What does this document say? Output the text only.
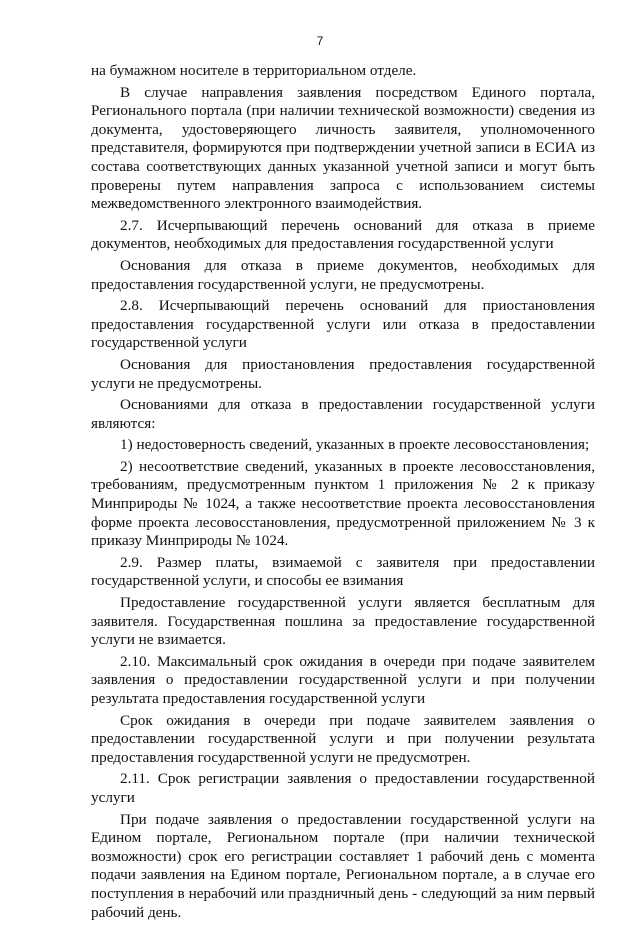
7

на бумажном носителе в территориальном отделе.

В случае направления заявления посредством Единого портала, Регионального портала (при наличии технической возможности) сведения из документа, удостоверяющего личность заявителя, уполномоченного представителя, формируются при подтверждении учетной записи в ЕСИА из состава соответствующих данных указанной учетной записи и могут быть проверены путем направления запроса с использованием системы межведомственного электронного взаимодействия.

2.7. Исчерпывающий перечень оснований для отказа в приеме документов, необходимых для предоставления государственной услуги

Основания для отказа в приеме документов, необходимых для предоставления государственной услуги, не предусмотрены.

2.8. Исчерпывающий перечень оснований для приостановления предоставления государственной услуги или отказа в предоставлении государственной услуги

Основания для приостановления предоставления государственной услуги не предусмотрены.

Основаниями для отказа в предоставлении государственной услуги являются:

1) недостоверность сведений, указанных в проекте лесовосстановления;

2) несоответствие сведений, указанных в проекте лесовосстановления, требованиям, предусмотренным пунктом 1 приложения № 2 к приказу Минприроды № 1024, а также несоответствие проекта лесовосстановления форме проекта лесовосстановления, предусмотренной приложением № 3 к приказу Минприроды № 1024.

2.9. Размер платы, взимаемой с заявителя при предоставлении государственной услуги, и способы ее взимания

Предоставление государственной услуги является бесплатным для заявителя. Государственная пошлина за предоставление государственной услуги не взимается.

2.10. Максимальный срок ожидания в очереди при подаче заявителем заявления о предоставлении государственной услуги и при получении результата предоставления государственной услуги

Срок ожидания в очереди при подаче заявителем заявления о предоставлении государственной услуги и при получении результата предоставления государственной услуги не предусмотрен.

2.11. Срок регистрации заявления о предоставлении государственной услуги

При подаче заявления о предоставлении государственной услуги на Едином портале, Региональном портале (при наличии технической возможности) срок его регистрации составляет 1 рабочий день с момента подачи заявления на Едином портале, Региональном портале, а в случае его поступления в нерабочий или праздничный день - следующий за ним первый рабочий день.
